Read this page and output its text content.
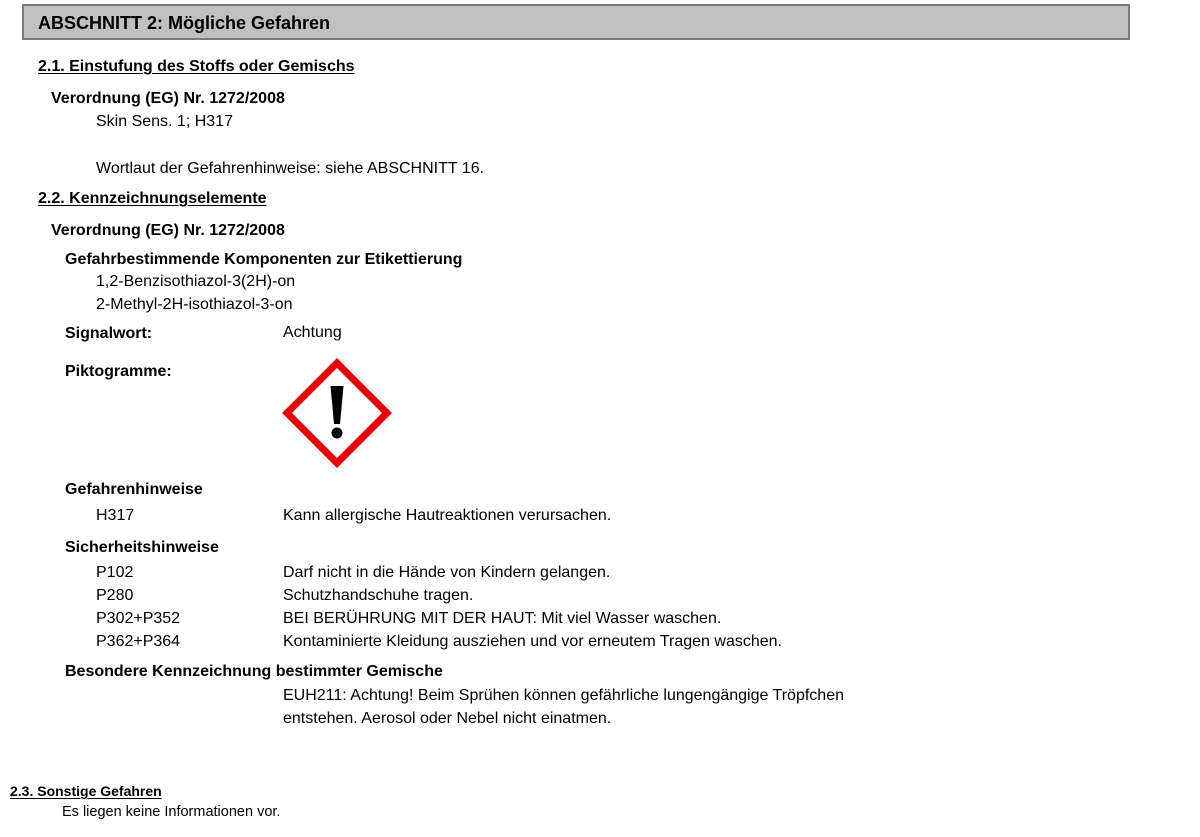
ABSCHNITT 2: Mögliche Gefahren
2.1. Einstufung des Stoffs oder Gemischs
Verordnung (EG) Nr. 1272/2008
Skin Sens. 1; H317
Wortlaut der Gefahrenhinweise: siehe ABSCHNITT 16.
2.2. Kennzeichnungselemente
Verordnung (EG) Nr. 1272/2008
Gefahrbestimmende Komponenten zur Etikettierung
1,2-Benzisothiazol-3(2H)-on
2-Methyl-2H-isothiazol-3-on
Signalwort:	Achtung
Piktogramme:
Gefahrenhinweise
H317	Kann allergische Hautreaktionen verursachen.
Sicherheitshinweise
P102	Darf nicht in die Hände von Kindern gelangen.
P280	Schutzhandschuhe tragen.
P302+P352	BEI BERÜHRUNG MIT DER HAUT: Mit viel Wasser waschen.
P362+P364	Kontaminierte Kleidung ausziehen und vor erneutem Tragen waschen.
Besondere Kennzeichnung bestimmter Gemische
EUH211: Achtung! Beim Sprühen können gefährliche lungengängige Tröpfchen
entstehen. Aerosol oder Nebel nicht einatmen.
2.3. Sonstige Gefahren
Es liegen keine Informationen vor.
